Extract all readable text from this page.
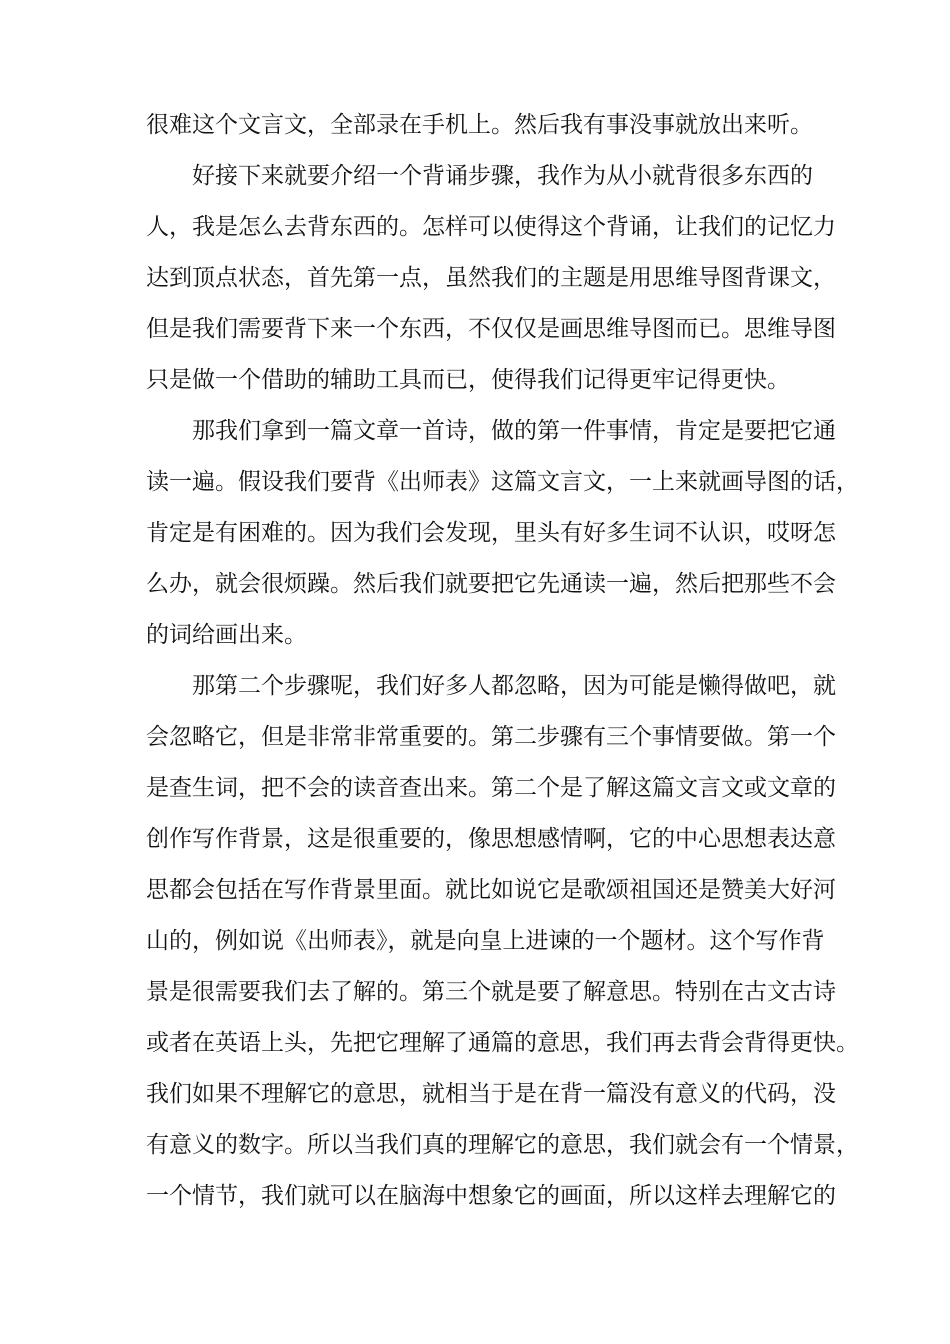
很难这个文言文，全部录在手机上。然后我有事没事就放出来听。
好接下来就要介绍一个背诵步骤，我作为从小就背很多东西的
人，我是怎么去背东西的。怎样可以使得这个背诵，让我们的记忆力
达到顶点状态，首先第一点，虽然我们的主题是用思维导图背课文，
但是我们需要背下来一个东西，不仅仅是画思维导图而已。思维导图
只是做一个借助的辅助工具而已，使得我们记得更牢记得更快。
那我们拿到一篇文章一首诗，做的第一件事情，肯定是要把它通
读一遍。假设我们要背《出师表》这篇文言文，一上来就画导图的话，
肯定是有困难的。因为我们会发现，里头有好多生词不认识，哎呀怎
么办，就会很烦躁。然后我们就要把它先通读一遍，然后把那些不会
的词给画出来。
那第二个步骤呢，我们好多人都忽略，因为可能是懒得做吧，就
会忽略它，但是非常非常重要的。第二步骤有三个事情要做。第一个
是查生词，把不会的读音查出来。第二个是了解这篇文言文或文章的
创作写作背景，这是很重要的，像思想感情啊，它的中心思想表达意
思都会包括在写作背景里面。就比如说它是歌颂祖国还是赞美大好河
山的，例如说《出师表》，就是向皇上进谏的一个题材。这个写作背
景是很需要我们去了解的。第三个就是要了解意思。特别在古文古诗
或者在英语上头，先把它理解了通篇的意思，我们再去背会背得更快。
我们如果不理解它的意思，就相当于是在背一篇没有意义的代码，没
有意义的数字。所以当我们真的理解它的意思，我们就会有一个情景，
一个情节，我们就可以在脑海中想象它的画面，所以这样去理解它的
